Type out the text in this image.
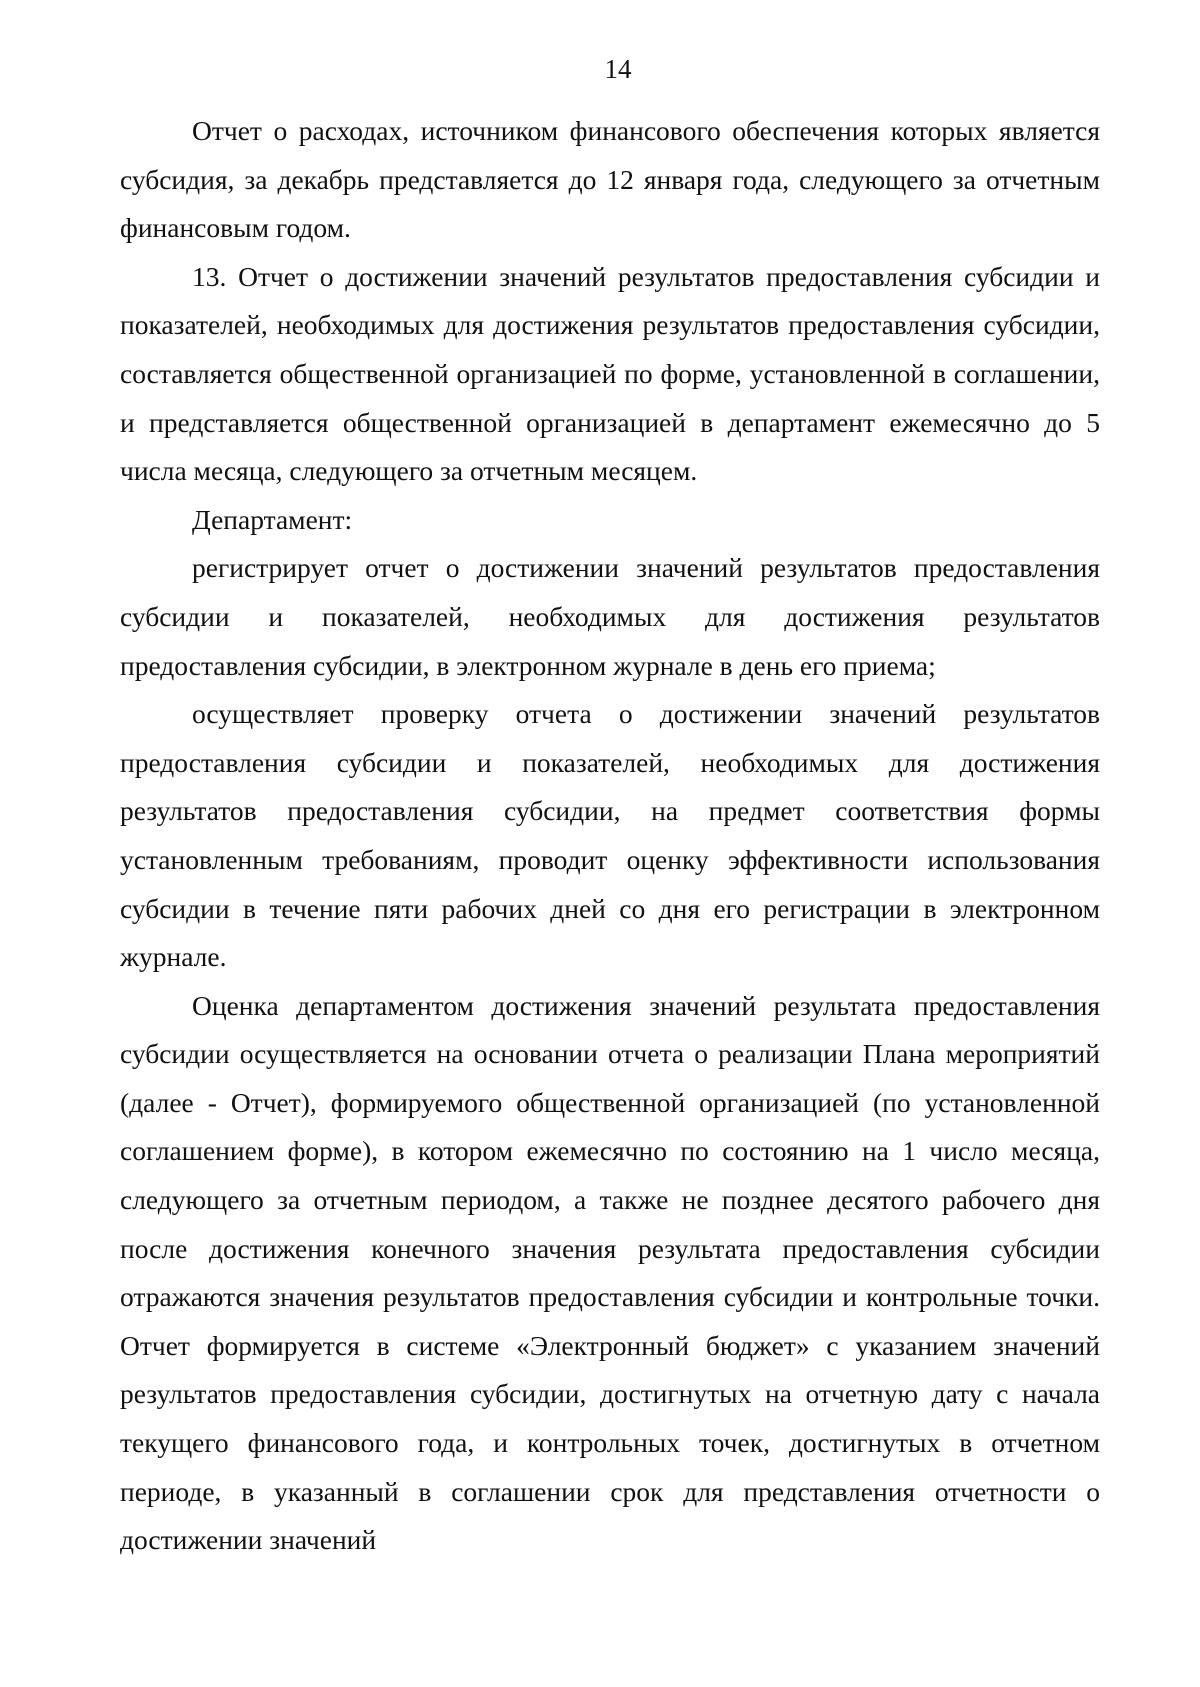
14

Отчет о расходах, источником финансового обеспечения которых является субсидия, за декабрь представляется до 12 января года, следующего за отчетным финансовым годом.

13. Отчет о достижении значений результатов предоставления субсидии и показателей, необходимых для достижения результатов предоставления субсидии, составляется общественной организацией по форме, установленной в соглашении, и представляется общественной организацией в департамент ежемесячно до 5 числа месяца, следующего за отчетным месяцем.

Департамент:

регистрирует отчет о достижении значений результатов предоставления субсидии и показателей, необходимых для достижения результатов предоставления субсидии, в электронном журнале в день его приема;

осуществляет проверку отчета о достижении значений результатов предоставления субсидии и показателей, необходимых для достижения результатов предоставления субсидии, на предмет соответствия формы установленным требованиям, проводит оценку эффективности использования субсидии в течение пяти рабочих дней со дня его регистрации в электронном журнале.

Оценка департаментом достижения значений результата предоставления субсидии осуществляется на основании отчета о реализации Плана мероприятий (далее - Отчет), формируемого общественной организацией (по установленной соглашением форме), в котором ежемесячно по состоянию на 1 число месяца, следующего за отчетным периодом, а также не позднее десятого рабочего дня после достижения конечного значения результата предоставления субсидии отражаются значения результатов предоставления субсидии и контрольные точки. Отчет формируется в системе «Электронный бюджет» с указанием значений результатов предоставления субсидии, достигнутых на отчетную дату с начала текущего финансового года, и контрольных точек, достигнутых в отчетном периоде, в указанный в соглашении срок для представления отчетности о достижении значений
